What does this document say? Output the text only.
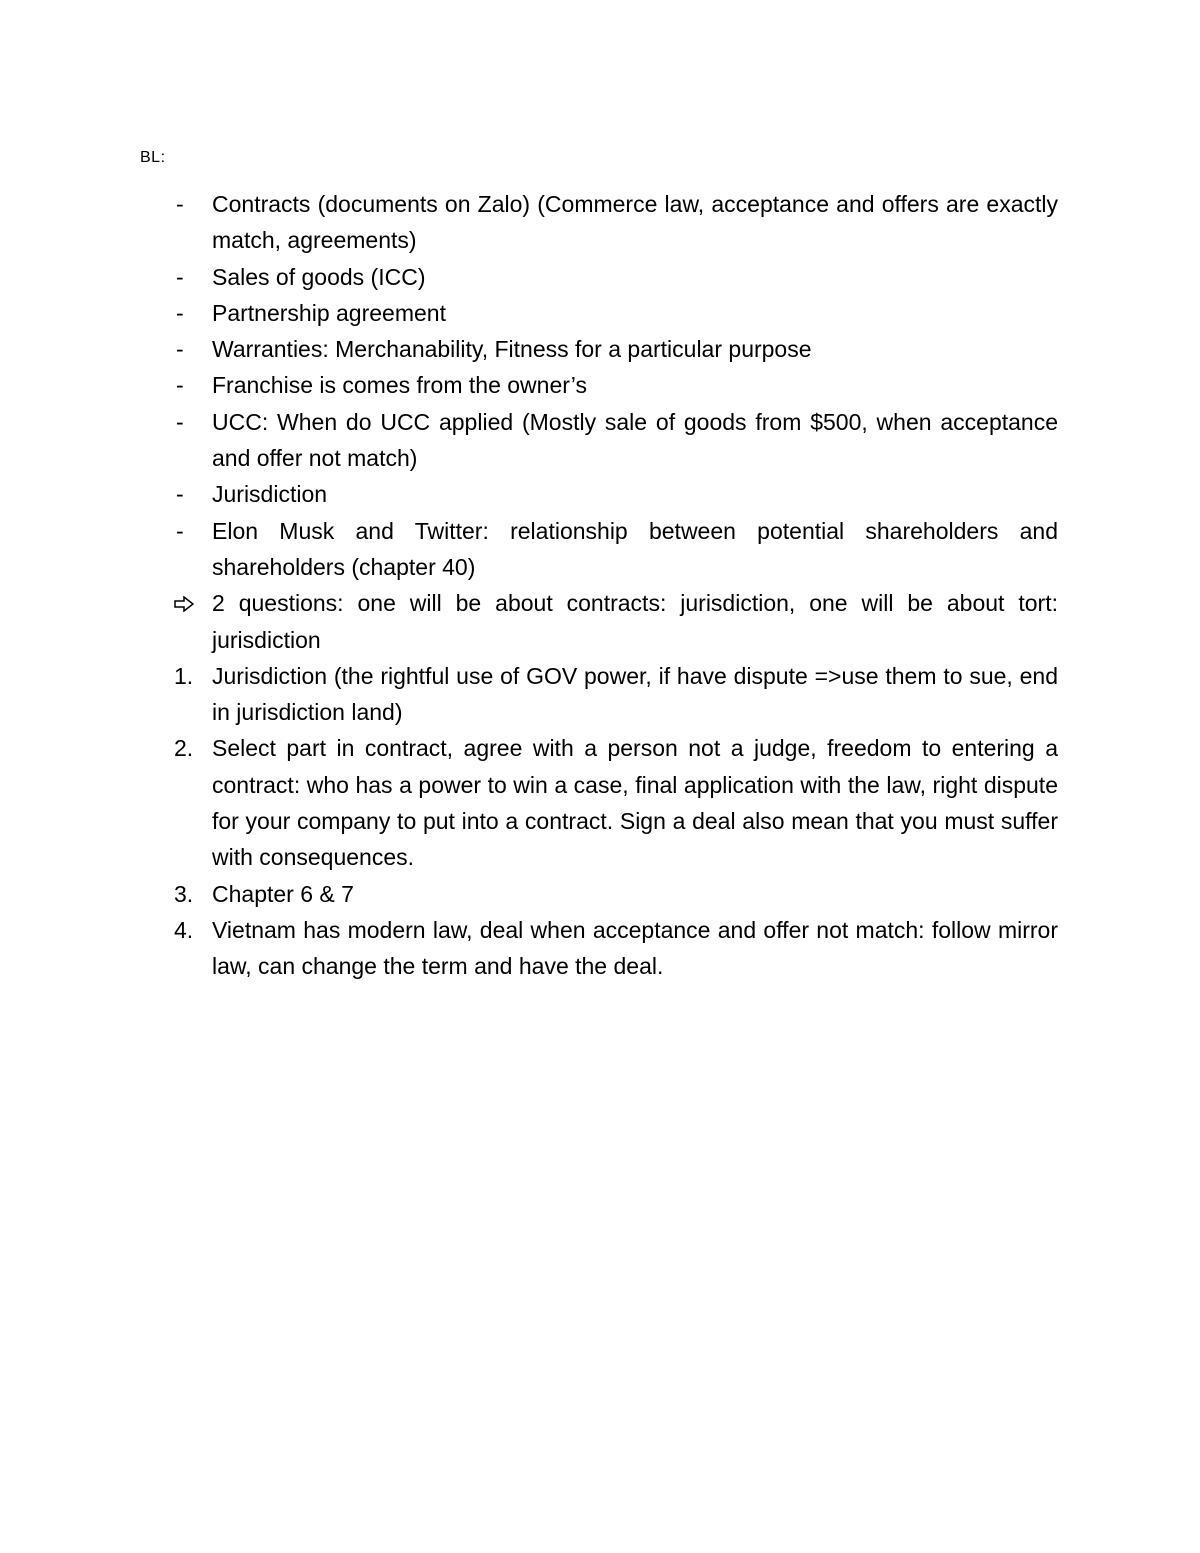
BL:
-	Contracts (documents on Zalo) (Commerce law, acceptance and offers are exactly match, agreements)
-	Sales of goods (ICC)
-	Partnership agreement
-	Warranties: Merchanability, Fitness for a particular purpose
-	Franchise is comes from the owner’s
-	UCC: When do UCC applied (Mostly sale of goods from $500, when acceptance and offer not match)
-	Jurisdiction
-	Elon Musk and Twitter: relationship between potential shareholders and shareholders (chapter 40)
2 questions: one will be about contracts: jurisdiction, one will be about tort: jurisdiction
1. Jurisdiction (the rightful use of GOV power, if have dispute =>use them to sue, end in jurisdiction land)
2. Select part in contract, agree with a person not a judge, freedom to entering a contract: who has a power to win a case, final application with the law, right dispute for your company to put into a contract. Sign a deal also mean that you must suffer with consequences.
3. Chapter 6 & 7
4. Vietnam has modern law, deal when acceptance and offer not match: follow mirror law, can change the term and have the deal.
